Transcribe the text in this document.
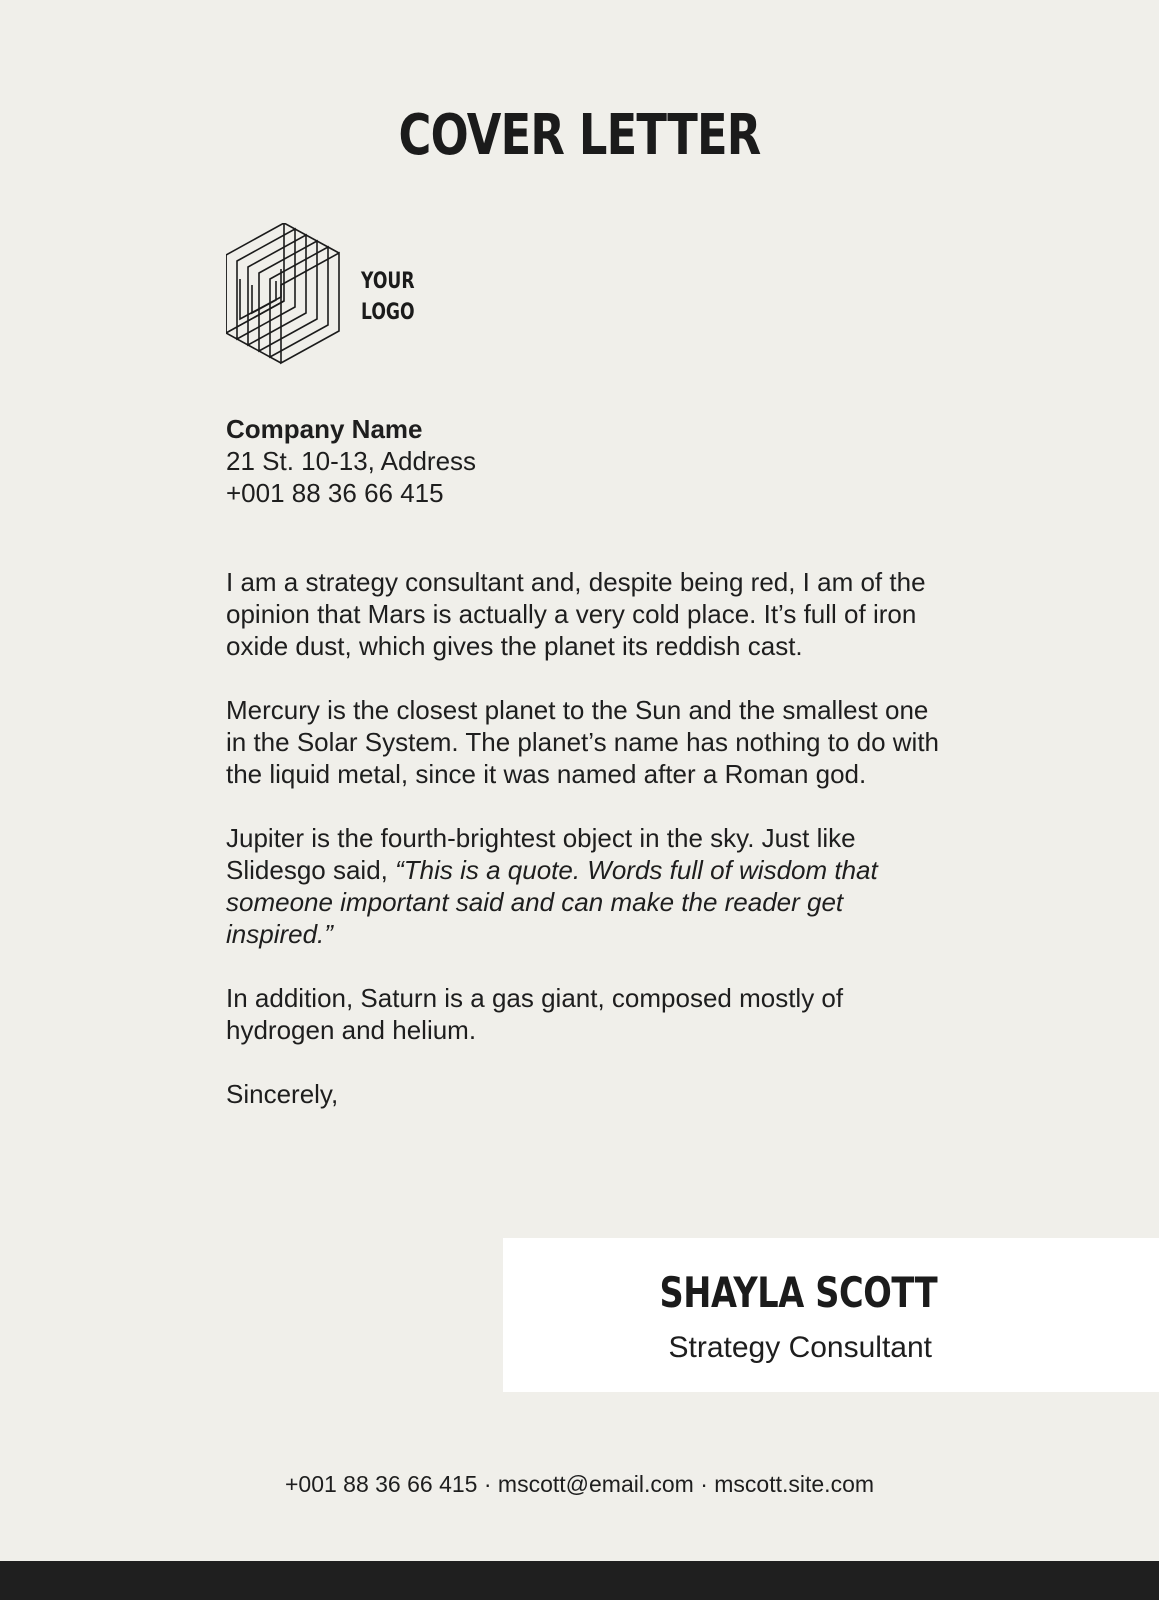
COVER LETTER
YOUR
LOGO
Company Name
21 St. 10-13, Address
+001 88 36 66 415

I am a strategy consultant and, despite being red, I am of the opinion that Mars is actually a very cold place. It’s full of iron oxide dust, which gives the planet its reddish cast.

Mercury is the closest planet to the Sun and the smallest one in the Solar System. The planet’s name has nothing to do with the liquid metal, since it was named after a Roman god.

Jupiter is the fourth-brightest object in the sky. Just like Slidesgo said, “This is a quote. Words full of wisdom that someone important said and can make the reader get inspired.”

In addition, Saturn is a gas giant, composed mostly of hydrogen and helium.

Sincerely,

SHAYLA SCOTT
Strategy Consultant
+001 88 36 66 415 · mscott@email.com · mscott.site.com
